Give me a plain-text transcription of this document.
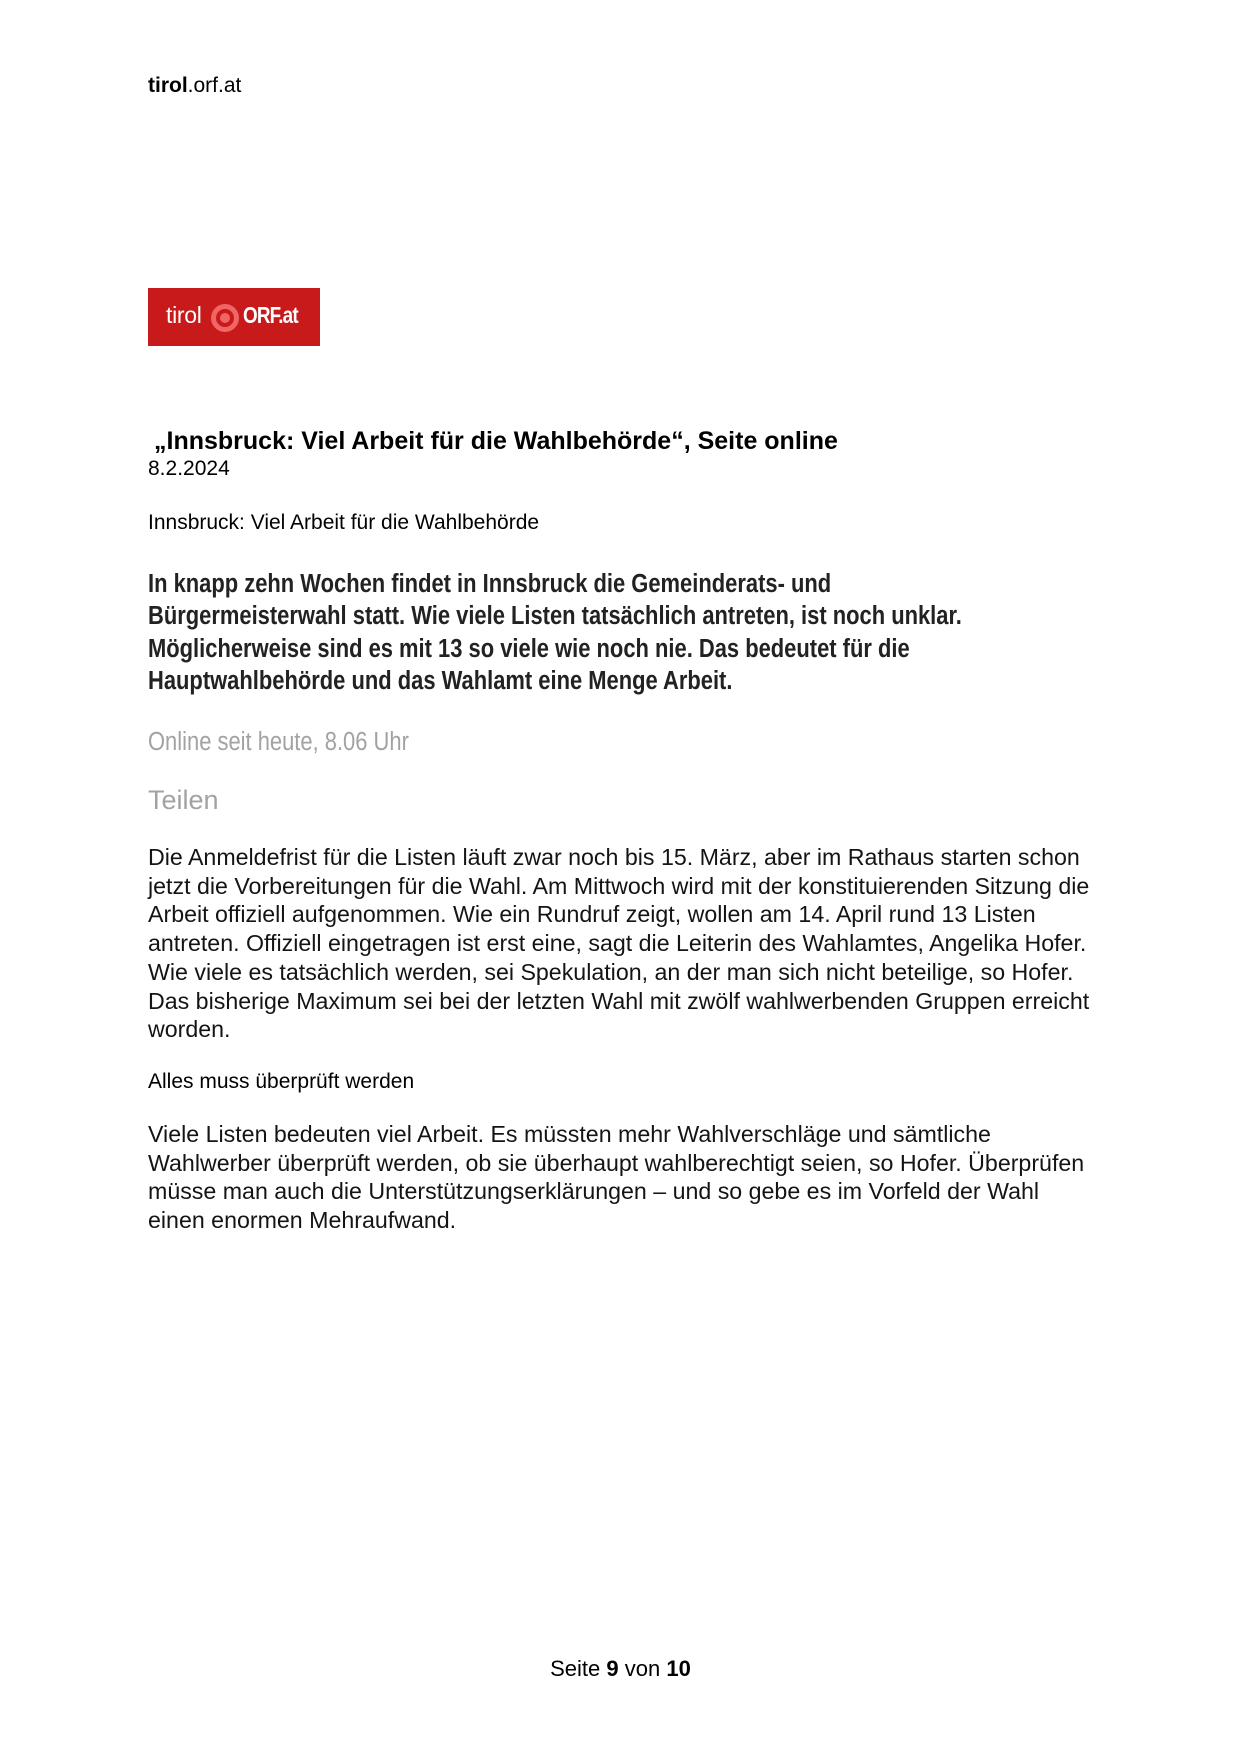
tirol.orf.at
tirol ORF.at
„Innsbruck: Viel Arbeit für die Wahlbehörde“, Seite online
8.2.2024
Innsbruck: Viel Arbeit für die Wahlbehörde
In knapp zehn Wochen findet in Innsbruck die Gemeinderats- und Bürgermeisterwahl statt. Wie viele Listen tatsächlich antreten, ist noch unklar. Möglicherweise sind es mit 13 so viele wie noch nie. Das bedeutet für die Hauptwahlbehörde und das Wahlamt eine Menge Arbeit.
Online seit heute, 8.06 Uhr
Teilen
Die Anmeldefrist für die Listen läuft zwar noch bis 15. März, aber im Rathaus starten schon jetzt die Vorbereitungen für die Wahl. Am Mittwoch wird mit der konstituierenden Sitzung die Arbeit offiziell aufgenommen. Wie ein Rundruf zeigt, wollen am 14. April rund 13 Listen antreten. Offiziell eingetragen ist erst eine, sagt die Leiterin des Wahlamtes, Angelika Hofer. Wie viele es tatsächlich werden, sei Spekulation, an der man sich nicht beteilige, so Hofer. Das bisherige Maximum sei bei der letzten Wahl mit zwölf wahlwerbenden Gruppen erreicht worden.
Alles muss überprüft werden
Viele Listen bedeuten viel Arbeit. Es müssten mehr Wahlverschläge und sämtliche Wahlwerber überprüft werden, ob sie überhaupt wahlberechtigt seien, so Hofer. Überprüfen müsse man auch die Unterstützungserklärungen – und so gebe es im Vorfeld der Wahl einen enormen Mehraufwand.
Seite 9 von 10
